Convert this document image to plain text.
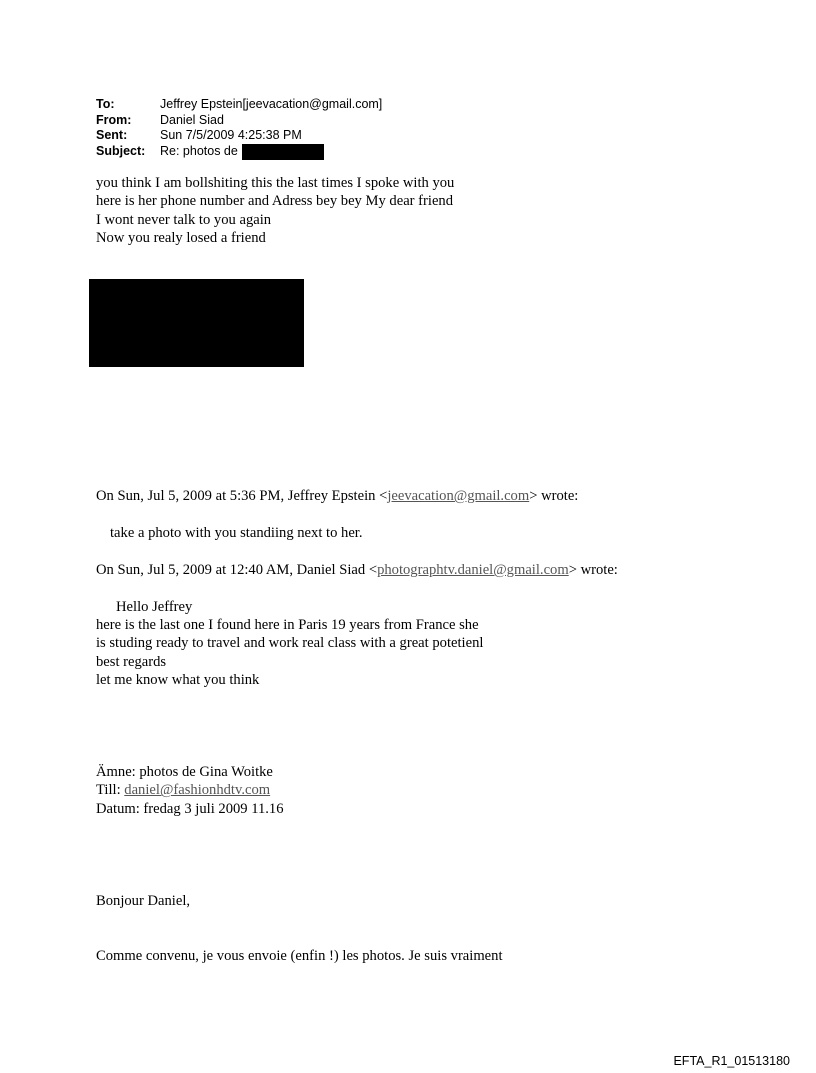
To:	Jeffrey Epstein[jeevacation@gmail.com]
From:	Daniel Siad
Sent:	Sun 7/5/2009 4:25:38 PM
Subject:	Re: photos de
you think I am bollshiting this the last times I spoke with you
here is her phone number and Adress bey bey My dear friend
I wont never talk to you again
Now you realy losed a friend
On Sun, Jul 5, 2009 at 5:36 PM, Jeffrey Epstein <jeevacation@gmail.com> wrote:
take a photo with you standiing next to her.
On Sun, Jul 5, 2009 at 12:40 AM, Daniel Siad <photographtv.daniel@gmail.com> wrote:
Hello Jeffrey
here is the last one I found here in Paris 19 years from France she
is studing ready to travel and work real class with a great potetienl
best regards
let me know what you think
Ämne: photos de Gina Woitke
Till: daniel@fashionhdtv.com
Datum: fredag 3 juli 2009 11.16
Bonjour Daniel,
Comme convenu, je vous envoie (enfin !) les photos. Je suis vraiment
EFTA_R1_01513180
